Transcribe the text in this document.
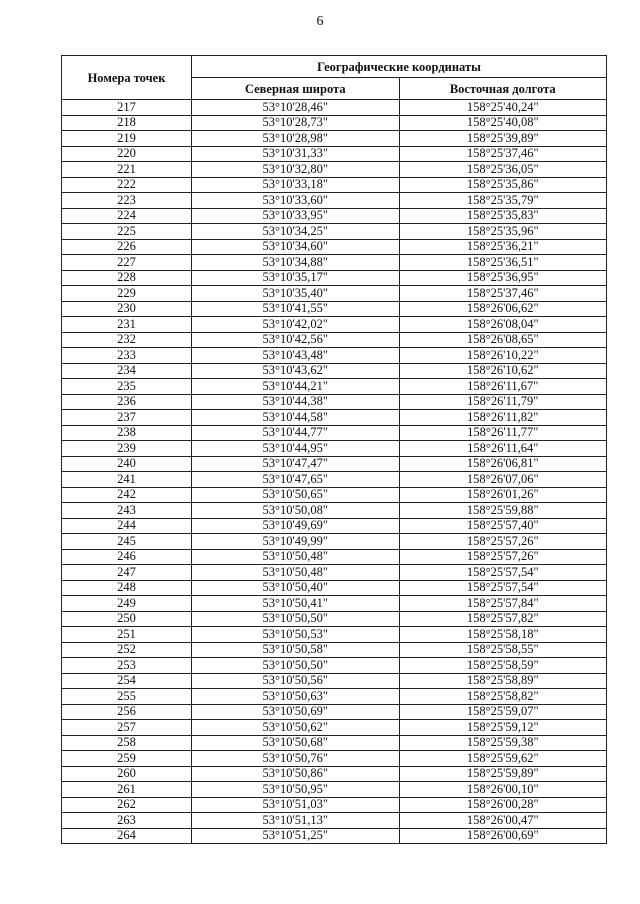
6
Номера точек	Географические координаты	
	Северная широта	Восточная долгота
217	53°10'28,46"	158°25'40,24"
218	53°10'28,73"	158°25'40,08"
219	53°10'28,98"	158°25'39,89"
220	53°10'31,33"	158°25'37,46"
221	53°10'32,80"	158°25'36,05"
222	53°10'33,18"	158°25'35,86"
223	53°10'33,60"	158°25'35,79"
224	53°10'33,95"	158°25'35,83"
225	53°10'34,25"	158°25'35,96"
226	53°10'34,60"	158°25'36,21"
227	53°10'34,88"	158°25'36,51"
228	53°10'35,17"	158°25'36,95"
229	53°10'35,40"	158°25'37,46"
230	53°10'41,55"	158°26'06,62"
231	53°10'42,02"	158°26'08,04"
232	53°10'42,56"	158°26'08,65"
233	53°10'43,48"	158°26'10,22"
234	53°10'43,62"	158°26'10,62"
235	53°10'44,21"	158°26'11,67"
236	53°10'44,38"	158°26'11,79"
237	53°10'44,58"	158°26'11,82"
238	53°10'44,77"	158°26'11,77"
239	53°10'44,95"	158°26'11,64"
240	53°10'47,47"	158°26'06,81"
241	53°10'47,65"	158°26'07,06"
242	53°10'50,65"	158°26'01,26"
243	53°10'50,08"	158°25'59,88"
244	53°10'49,69"	158°25'57,40"
245	53°10'49,99"	158°25'57,26"
246	53°10'50,48"	158°25'57,26"
247	53°10'50,48"	158°25'57,54"
248	53°10'50,40"	158°25'57,54"
249	53°10'50,41"	158°25'57,84"
250	53°10'50,50"	158°25'57,82"
251	53°10'50,53"	158°25'58,18"
252	53°10'50,58"	158°25'58,55"
253	53°10'50,50"	158°25'58,59"
254	53°10'50,56"	158°25'58,89"
255	53°10'50,63"	158°25'58,82"
256	53°10'50,69"	158°25'59,07"
257	53°10'50,62"	158°25'59,12"
258	53°10'50,68"	158°25'59,38"
259	53°10'50,76"	158°25'59,62"
260	53°10'50,86"	158°25'59,89"
261	53°10'50,95"	158°26'00,10"
262	53°10'51,03"	158°26'00,28"
263	53°10'51,13"	158°26'00,47"
264	53°10'51,25"	158°26'00,69"
